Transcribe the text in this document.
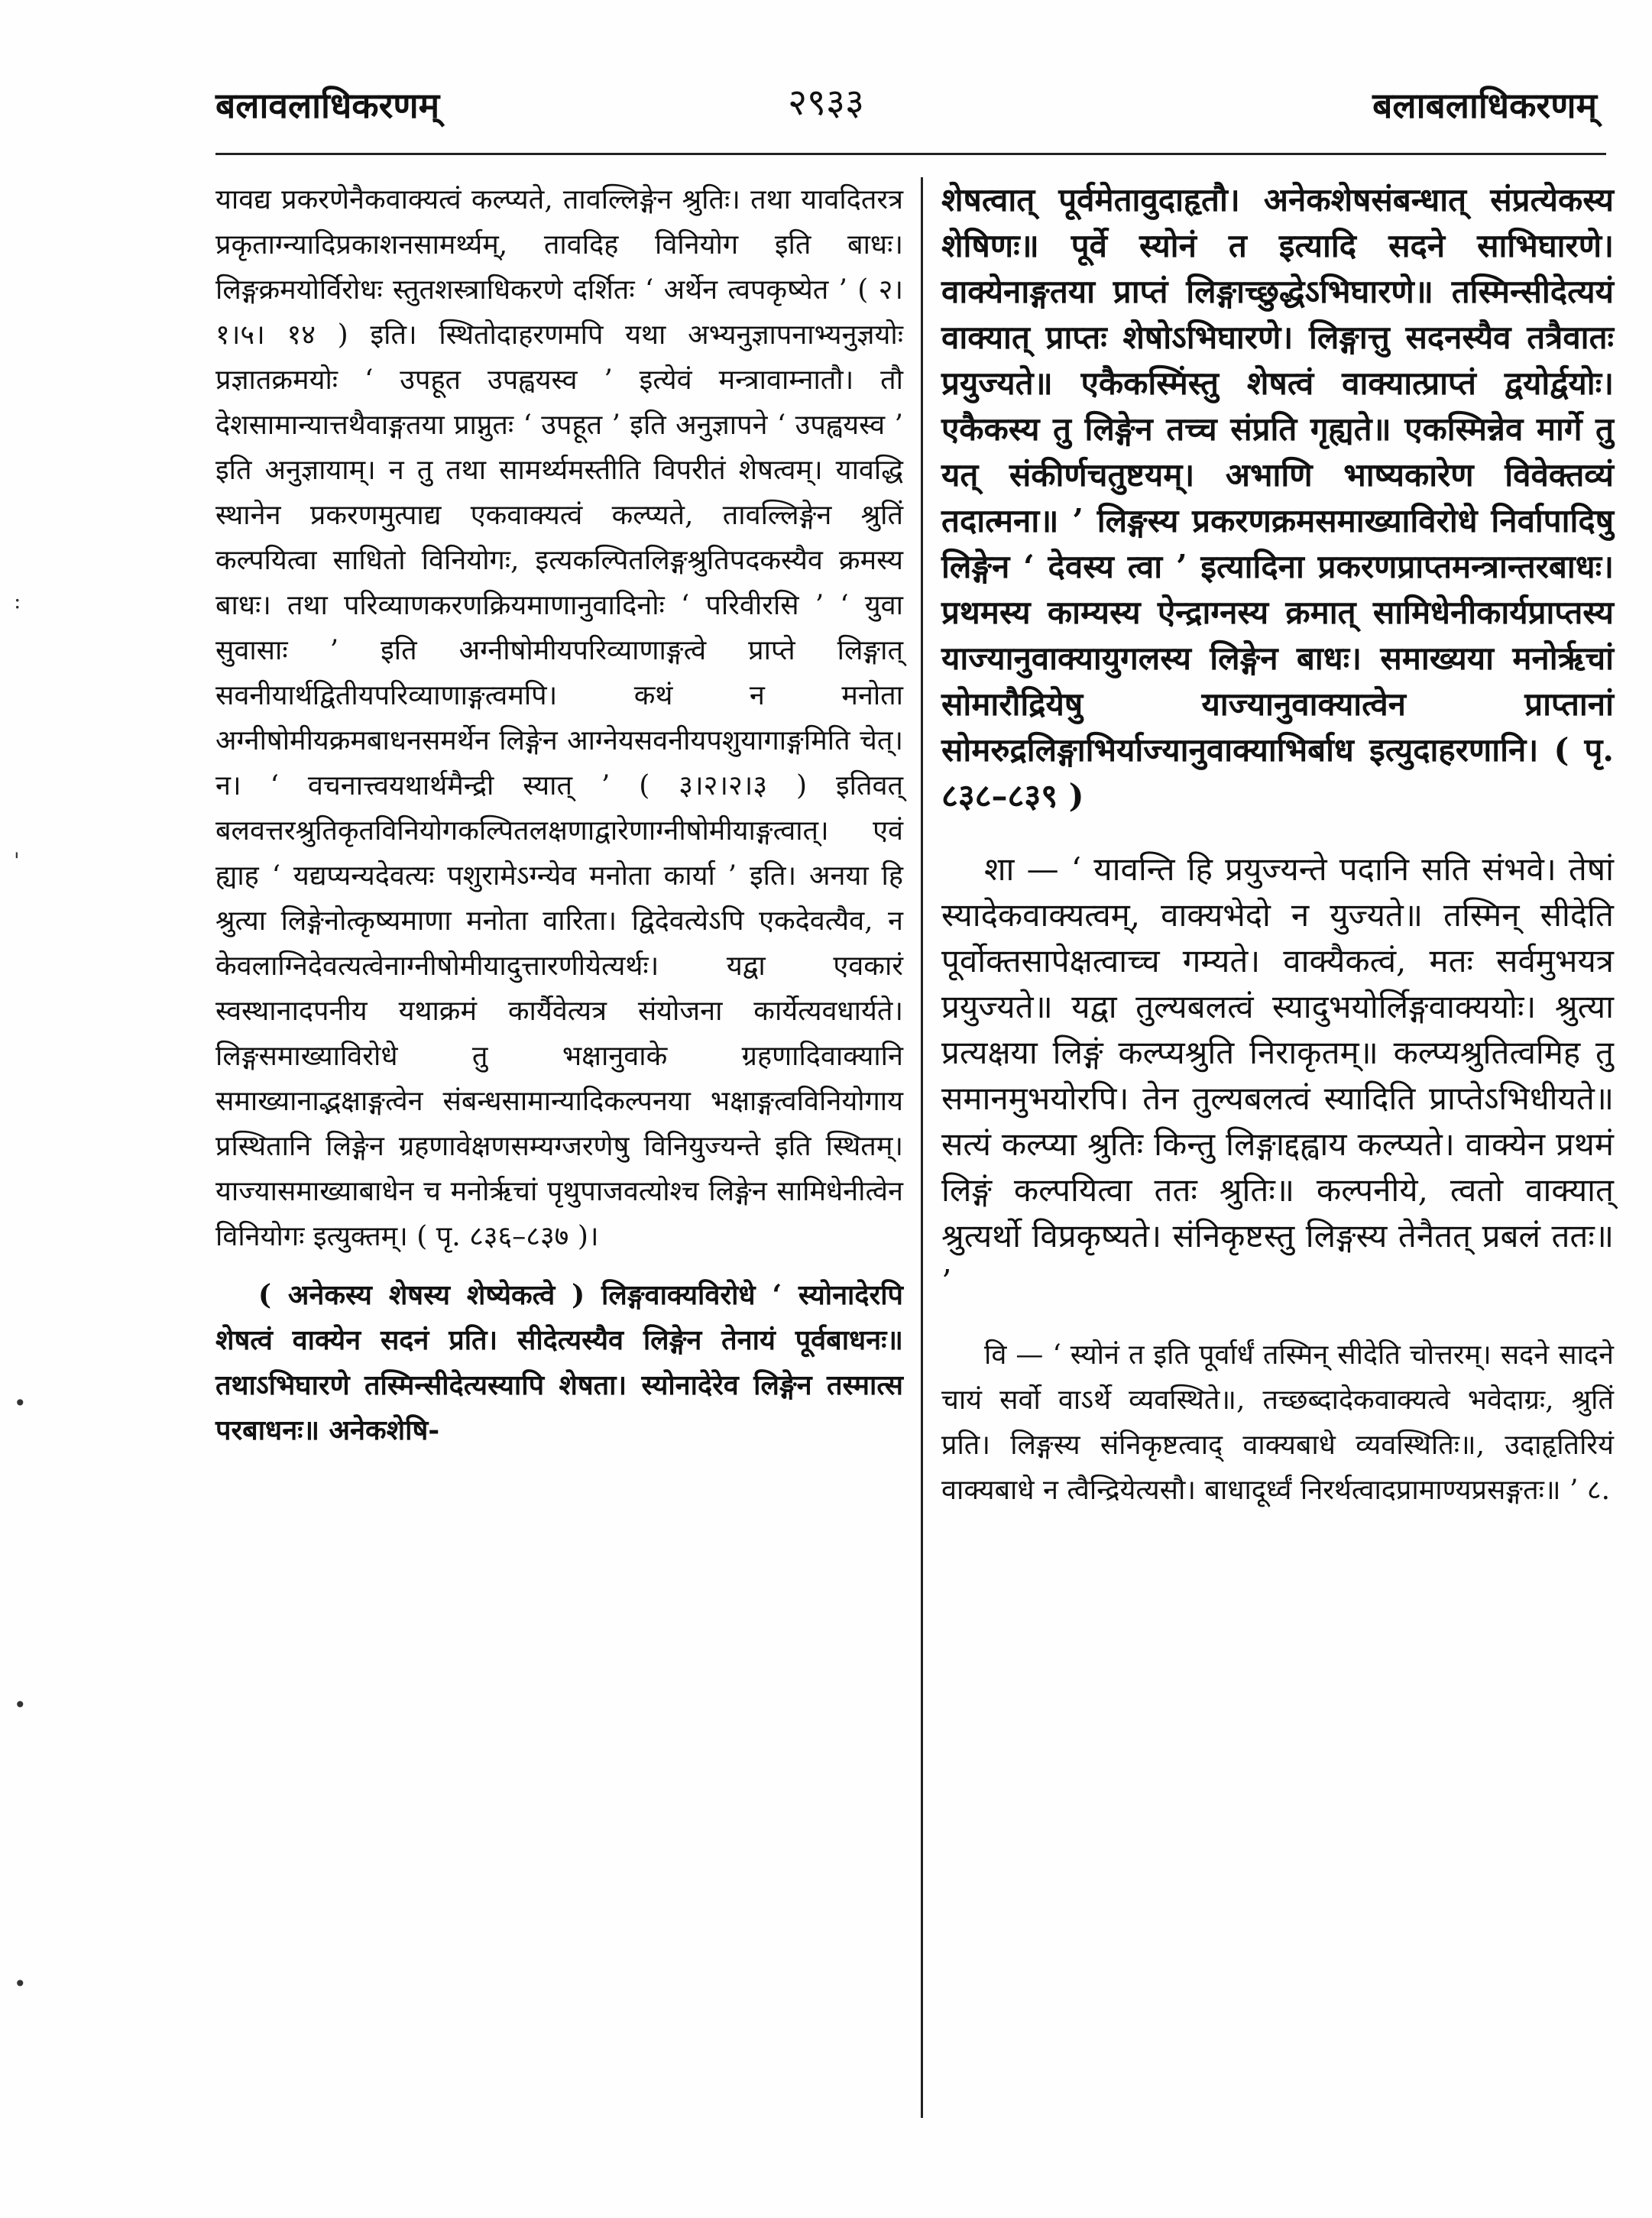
बलावलाधिकरणम्	२९३३	बलाबलाधिकरणम्
:
'
•
•
•

यावद्य प्रकरणेनैकवाक्यत्वं कल्प्यते, तावल्लिङ्गेन श्रुतिः। तथा यावदितरत्र प्रकृताग्न्यादिप्रकाशनसामर्थ्यम्, तावदिह विनियोग इति बाधः। लिङ्गक्रमयोर्विरोधः स्तुतशस्त्राधिकरणे दर्शितः ‘ अर्थेन त्वपकृष्येत ’ ( २।१।५। १४ ) इति। स्थितोदाहरणमपि यथा अभ्यनुज्ञापनाभ्यनुज्ञयोः प्रज्ञातक्रमयोः ‘ उपहूत उपह्वयस्व ’ इत्येवं मन्त्रावाम्नातौ। तौ देशसामान्यात्तथैवाङ्गतया प्राप्नुतः ‘ उपहूत ’ इति अनुज्ञापने ‘ उपह्वयस्व ’ इति अनुज्ञायाम्। न तु तथा सामर्थ्यमस्तीति विपरीतं शेषत्वम्। यावद्धि स्थानेन प्रकरणमुत्पाद्य एकवाक्यत्वं कल्प्यते, तावल्लिङ्गेन श्रुतिं कल्पयित्वा साधितो विनियोगः, इत्यकल्पितलिङ्गश्रुतिपदकस्यैव क्रमस्य बाधः। तथा परिव्याणकरणक्रियमाणानुवादिनोः ‘ परिवीरसि ’ ‘ युवा सुवासाः ’ इति अग्नीषोमीयपरिव्याणाङ्गत्वे प्राप्ते लिङ्गात् सवनीयार्थद्वितीयपरिव्याणाङ्गत्वमपि। कथं न मनोता अग्नीषोमीयक्रमबाधनसमर्थेन लिङ्गेन आग्नेयसवनीयपशुयागाङ्गमिति चेत्। न। ‘ वचनात्त्वयथार्थमैन्द्री स्यात् ’ ( ३।२।२।३ ) इतिवत् बलवत्तरश्रुतिकृतविनियोगकल्पितलक्षणाद्वारेणाग्नीषोमीयाङ्गत्वात्। एवं ह्याह ‘ यद्यप्यन्यदेवत्यः पशुरामेऽग्न्येव मनोता कार्या ’ इति। अनया हि श्रुत्या लिङ्गेनोत्कृष्यमाणा मनोता वारिता। द्विदेवत्येऽपि एकदेवत्यैव, न केवलाग्निदेवत्यत्वेनाग्नीषोमीयादुत्तारणीयेत्यर्थः। यद्वा एवकारं स्वस्थानादपनीय यथाक्रमं कार्यैवेत्यत्र संयोजना कार्येत्यवधार्यते। लिङ्गसमाख्याविरोधे तु भक्षानुवाके ग्रहणादिवाक्यानि समाख्यानाद्भक्षाङ्गत्वेन संबन्धसामान्यादिकल्पनया भक्षाङ्गत्वविनियोगाय प्रस्थितानि लिङ्गेन ग्रहणावेक्षणसम्यग्जरणेषु विनियुज्यन्ते इति स्थितम्। याज्यासमाख्याबाधेन च मनोर्ऋचां पृथुपाजवत्योश्च लिङ्गेन सामिधेनीत्वेन विनियोगः इत्युक्तम्। ( पृ. ८३६–८३७ )।

( अनेकस्य शेषस्य शेष्येकत्वे ) लिङ्गवाक्यविरोधे ‘ स्योनादेरपि शेषत्वं वाक्येन सदनं प्रति। सीदेत्यस्यैव लिङ्गेन तेनायं पूर्वबाधनः॥ तथाऽभिघारणे तस्मिन्सीदेत्यस्यापि शेषता। स्योनादेरेव लिङ्गेन तस्मात्स परबाधनः॥ अनेकशेषि-

शेषत्वात् पूर्वमेतावुदाहृतौ। अनेकशेषसंबन्धात् संप्रत्येकस्य शेषिणः॥ पूर्वे स्योनं त इत्यादि सदने साभिघारणे। वाक्येनाङ्गतया प्राप्तं लिङ्गाच्छुद्धेऽभिघारणे॥ तस्मिन्सीदेत्ययं वाक्यात् प्राप्तः शेषोऽभिघारणे। लिङ्गात्तु सदनस्यैव तत्रैवातः प्रयुज्यते॥ एकैकस्मिंस्तु शेषत्वं वाक्यात्प्राप्तं द्वयोर्द्वयोः। एकैकस्य तु लिङ्गेन तच्च संप्रति गृह्यते॥ एकस्मिन्नेव मार्गे तु यत् संकीर्णचतुष्टयम्। अभाणि भाष्यकारेण विवेक्तव्यं तदात्मना॥ ’ लिङ्गस्य प्रकरणक्रमसमाख्याविरोधे निर्वापादिषु लिङ्गेन ‘ देवस्य त्वा ’ इत्यादिना प्रकरणप्राप्तमन्त्रान्तरबाधः। प्रथमस्य काम्यस्य ऐन्द्राग्नस्य क्रमात् सामिधेनीकार्यप्राप्तस्य याज्यानुवाक्यायुगलस्य लिङ्गेन बाधः। समाख्यया मनोर्ऋचां सोमारौद्रियेषु याज्यानुवाक्यात्वेन प्राप्तानां सोमरुद्रलिङ्गाभिर्याज्यानुवाक्याभिर्बाध इत्युदाहरणानि। ( पृ. ८३८–८३९ )

शा — ‘ यावन्ति हि प्रयुज्यन्ते पदानि सति संभवे। तेषां स्यादेकवाक्यत्वम्, वाक्यभेदो न युज्यते॥ तस्मिन् सीदेति पूर्वोक्तसापेक्षत्वाच्च गम्यते। वाक्यैकत्वं, मतः सर्वमुभयत्र प्रयुज्यते॥ यद्वा तुल्यबलत्वं स्यादुभयोर्लिङ्गवाक्ययोः। श्रुत्या प्रत्यक्षया लिङ्गं कल्प्यश्रुति निराकृतम्॥ कल्प्यश्रुतित्वमिह तु समानमुभयोरपि। तेन तुल्यबलत्वं स्यादिति प्राप्तेऽभिधीयते॥ सत्यं कल्प्या श्रुतिः किन्तु लिङ्गाद्दह्वाय कल्प्यते। वाक्येन प्रथमं लिङ्गं कल्पयित्वा ततः श्रुतिः॥ कल्पनीये, त्वतो वाक्यात् श्रुत्यर्थो विप्रकृष्यते। संनिकृष्टस्तु लिङ्गस्य तेनैतत् प्रबलं ततः॥ ’

वि — ‘ स्योनं त इति पूर्वार्धं तस्मिन् सीदेति चोत्तरम्। सदने सादने चायं सर्वो वाऽर्थे व्यवस्थिते॥, तच्छब्दादेकवाक्यत्वे भवेदाग्रः, श्रुतिं प्रति। लिङ्गस्य संनिकृष्टत्वाद् वाक्यबाधे व्यवस्थितिः॥, उदाहृतिरियं वाक्यबाधे न त्वैन्द्रियेत्यसौ। बाधादूर्ध्वं निरर्थत्वादप्रामाण्यप्रसङ्गतः॥ ’ ८.
